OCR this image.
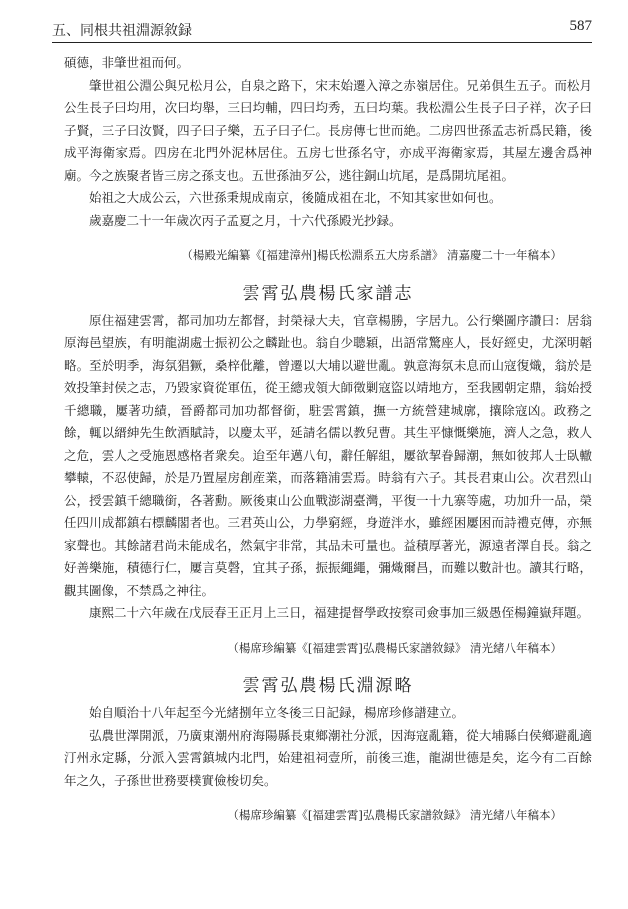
五、同根共祖淵源敘録	587

碩德，非肇世祖而何。

肇世祖公淵公與兄松月公，自泉之路下，宋末始遷入漳之赤嶺居住。兄弟俱生五子。而松月公生長子曰均用，次曰均舉，三曰均輔，四曰均秀，五曰均葉。我松淵公生長子曰子祥，次子曰子賢，三子曰汝賢，四子曰子樂，五子曰子仁。長房傳七世而絶。二房四世孫孟志祈爲民籍，後成平海衛家焉。四房在北門外泥林居住。五房七世孫名守，亦成平海衛家焉，其屋左邊舍爲神廟。今之族聚者皆三房之孫支也。五世孫油歹公，逃往銅山坑尾，是爲開坑尾祖。

始祖之大成公云，六世孫秉規成南京，後隨成祖在北，不知其家世如何也。

歲嘉慶二十一年歲次丙子孟夏之月，十六代孫殿光抄録。

（楊殿光編纂《[福建漳州]楊氏松淵系五大房系譜》 清嘉慶二十一年稿本）

雲霄弘農楊氏家譜志

原住福建雲霄，都司加功左都督，封榮禄大夫，官章楊勝，字居九。公行樂圖序讚曰：居翁原海邑望族，有明龍湖處士振初公之麟趾也。翁自少聰穎，出語常驚座人，長好經史，尤深明韜略。至於明季，海氛猖獗，桑梓仳離，曾遷以大埔以避世亂。孰意海氛未息而山寇復熾，翁於是效投筆封侯之志，乃毀家資從軍伍，從王總戎領大師徵剿寇盜以靖地方，至我國朝定鼎，翁始授千總職，屢著功績，晉爵都司加功都督銜，駐雲霄鎮，撫一方統營建城廓，攘除寇凶。政務之餘，輒以縉紳先生飲酒賦詩，以慶太平，延請名儒以教兒曹。其生平慷慨樂施，濟人之急，救人之危，雲人之受施恩感格者衆矣。迨至年邁八旬，辭任解組，屢欲挈眷歸潮，無如彼邦人士臥轍攀轅，不忍使歸，於是乃置屋房創産業，而落籍浦雲焉。時翁有六子。其長君東山公。次君烈山公，授雲鎮千總職銜，各著勳。厥後東山公血戰澎湖臺灣，平復一十九寨等處，功加升一品，榮任四川成都鎮右標麟閣者也。三君英山公，力學窮經，身遊泮水，雖經困屢困而詩禮克傳，亦無家聲也。其餘諸君尚未能成名，然氣宇非常，其品未可量也。益積厚著光，源遠者澤自長。翁之好善樂施，積德行仁，屢言莫磬，宜其子孫，振振繩繩，彌熾爾昌，而難以數計也。讀其行略，觀其圖像，不禁爲之神往。

康熙二十六年歲在戊辰春王正月上三日，福建提督學政按察司僉事加三級愚侄楊鐘嶽拜題。

（楊席珍編纂《[福建雲霄]弘農楊氏家譜敘録》 清光緒八年稿本）

雲霄弘農楊氏淵源略

始自順治十八年起至今光緒捌年立冬後三日記録，楊席珍修譜建立。

弘農世澤開派，乃廣東潮州府海陽縣長東鄉潮社分派，因海寇亂籍，從大埔縣白侯鄉避亂適汀州永定縣，分派入雲霄鎮城内北門，始建祖祠壹所，前後三進，龍湖世德是矣，迄今有二百餘年之久，子孫世世務要樸實儉梭切矣。

（楊席珍編纂《[福建雲霄]弘農楊氏家譜敘録》 清光緒八年稿本）
